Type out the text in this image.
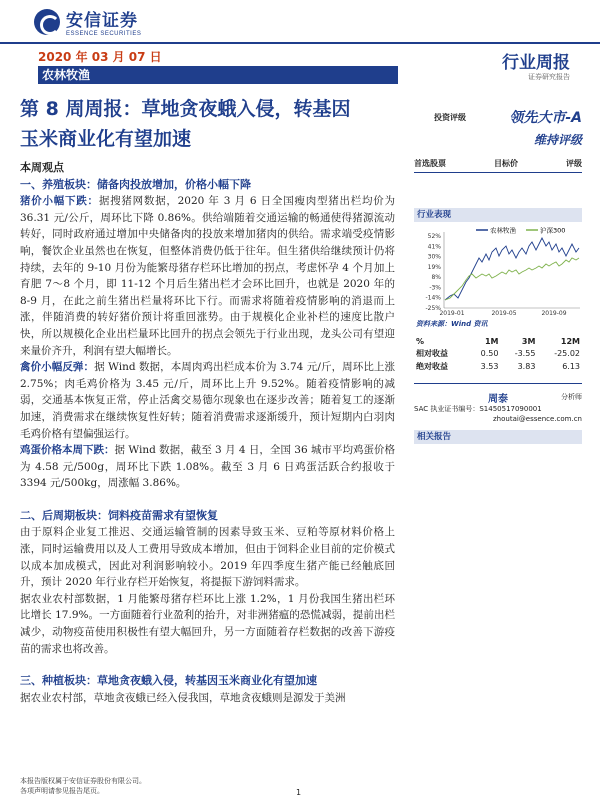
安信证券
ESSENCE SECURITIES
2020 年 03 月 07 日
农林牧渔
行业周报
证券研究报告
第 8 周周报：草地贪夜蛾入侵，转基因
玉米商业化有望加速

本周观点

一、养殖板块：储备肉投放增加，价格小幅下降

猪价小幅下跌：据搜猪网数据，2020 年 3 月 6 日全国瘦肉型猪出栏均价为 36.31 元/公斤，周环比下降 0.86%。供给端随着交通运输的畅通使得猪源流动转好，同时政府通过增加中央储备肉的投放来增加猪肉的供给。需求端受疫情影响，餐饮企业虽然也在恢复，但整体消费仍低于往年。但生猪供给继续预计仍将持续，去年的 9-10 月份为能繁母猪存栏环比增加的拐点，考虑怀孕 4 个月加上育肥 7～8 个月，即 11-12 个月后生猪出栏才会环比回升，也就是 2020 年的 8-9 月，在此之前生猪出栏量将环比下行。而需求将随着疫情影响的消退而上涨，伴随消费的转好猪价预计将重回涨势。由于规模化企业补栏的速度比散户快，所以规模化企业出栏量环比回升的拐点会领先于行业出现，龙头公司有望迎来量价齐升，利润有望大幅增长。

禽价小幅反弹：据 Wind 数据，本周肉鸡出栏成本价为 3.74 元/斤，周环比上涨 2.75%；肉毛鸡价格为 3.45 元/斤，周环比上升 9.52%。随着疫情影响的减弱，交通基本恢复正常，停止活禽交易德尔现象也在逐步改善；随着复工的逐渐加速，消费需求在继续恢复性好转；随着消费需求逐渐缓升，预计短期内白羽肉毛鸡价格有望偏强运行。

鸡蛋价格本周下跌：据 Wind 数据，截至 3 月 4 日，全国 36 城市平均鸡蛋价格为 4.58 元/500g，周环比下跌 1.08%。截至 3 月 6 日鸡蛋活跃合约报收于 3394 元/500kg，周涨幅 3.86%。

二、后周期板块：饲料疫苗需求有望恢复

由于原料企业复工推迟、交通运输管制的因素导致玉米、豆粕等原材料价格上涨，同时运输费用以及人工费用导致成本增加，但由于饲料企业目前的定价模式以成本加成模式，因此对利润影响较小。2019 年四季度生猪产能已经触底回升，预计 2020 年行业存栏开始恢复，将提振下游饲料需求。

据农业农村部数据，1 月能繁母猪存栏环比上涨 1.2%，1 月份我国生猪出栏环比增长 17.9%。一方面随着行业盈利的抬升，对非洲猪瘟的恐慌减弱，提前出栏减少，动物疫苗使用积极性有望大幅回升，另一方面随着存栏数据的改善下游疫苗的需求也将改善。

三、种植板块：草地贪夜蛾入侵，转基因玉米商业化有望加速

据农业农村部，草地贪夜蛾已经入侵我国，草地贪夜蛾则是源发于美洲

投资评级	领先大市-A
维持评级
首选股票	目标价	评级
行业表现
52%
41%
30%
19%
8%
-3%
-14%
-25%
2019-01	2019-05	2019-09
农林牧渔	沪深300
资料来源：Wind 资讯
%	1M	3M	12M
相对收益	0.50	-3.55	-25.02
绝对收益	3.53	3.83	6.13
周泰	分析师
SAC 执业证书编号：S1450517090001
zhoutai@essence.com.cn
相关报告
本报告版权属于安信证券股份有限公司。
各项声明请参见报告尾页。	1
